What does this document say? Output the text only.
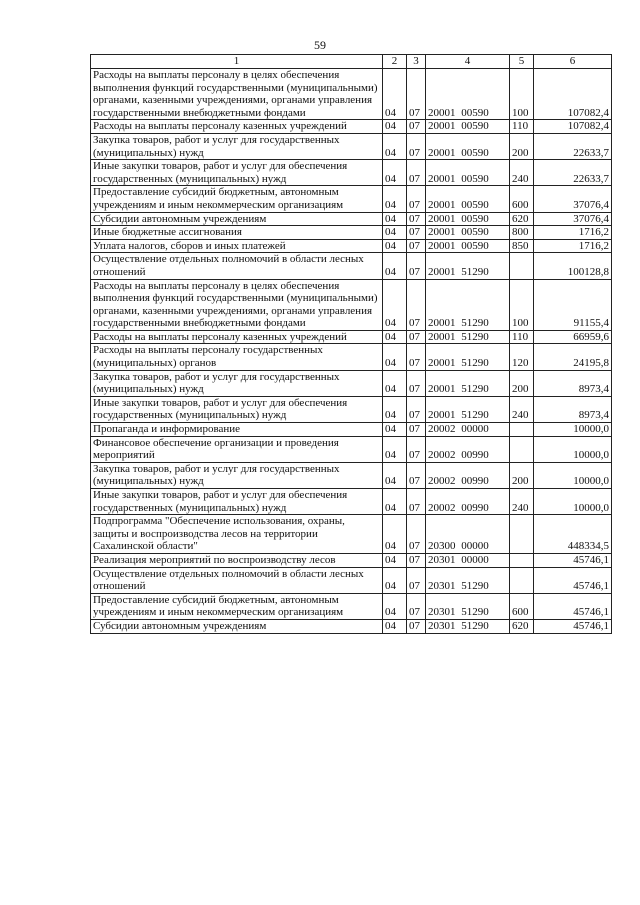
59
1	2	3	4	5	6
Расходы на выплаты персоналу в целях обеспечения выполнения функций государственными (муниципальными) органами, казенными учреждениями, органами управления государственными внебюджетными фондами	04	07	20001 00590	100	107082,4
Расходы на выплаты персоналу казенных учреждений	04	07	20001 00590	110	107082,4
Закупка товаров, работ и услуг для государственных (муниципальных) нужд	04	07	20001 00590	200	22633,7
Иные закупки товаров, работ и услуг для обеспечения государственных (муниципальных) нужд	04	07	20001 00590	240	22633,7
Предоставление субсидий бюджетным, автономным учреждениям и иным некоммерческим организациям	04	07	20001 00590	600	37076,4
Субсидии автономным учреждениям	04	07	20001 00590	620	37076,4
Иные бюджетные ассигнования	04	07	20001 00590	800	1716,2
Уплата налогов, сборов и иных платежей	04	07	20001 00590	850	1716,2
Осуществление отдельных полномочий в области лесных отношений	04	07	20001 51290		100128,8
Расходы на выплаты персоналу в целях обеспечения выполнения функций государственными (муниципальными) органами, казенными учреждениями, органами управления государственными внебюджетными фондами	04	07	20001 51290	100	91155,4
Расходы на выплаты персоналу казенных учреждений	04	07	20001 51290	110	66959,6
Расходы на выплаты персоналу государственных (муниципальных) органов	04	07	20001 51290	120	24195,8
Закупка товаров, работ и услуг для государственных (муниципальных) нужд	04	07	20001 51290	200	8973,4
Иные закупки товаров, работ и услуг для обеспечения государственных (муниципальных) нужд	04	07	20001 51290	240	8973,4
Пропаганда и информирование	04	07	20002 00000		10000,0
Финансовое обеспечение организации и проведения мероприятий	04	07	20002 00990		10000,0
Закупка товаров, работ и услуг для государственных (муниципальных) нужд	04	07	20002 00990	200	10000,0
Иные закупки товаров, работ и услуг для обеспечения государственных (муниципальных) нужд	04	07	20002 00990	240	10000,0
Подпрограмма "Обеспечение использования, охраны, защиты и воспроизводства лесов на территории Сахалинской области"	04	07	20300 00000		448334,5
Реализация мероприятий по воспроизводству лесов	04	07	20301 00000		45746,1
Осуществление отдельных полномочий в области лесных отношений	04	07	20301 51290		45746,1
Предоставление субсидий бюджетным, автономным учреждениям и иным некоммерческим организациям	04	07	20301 51290	600	45746,1
Субсидии автономным учреждениям	04	07	20301 51290	620	45746,1
